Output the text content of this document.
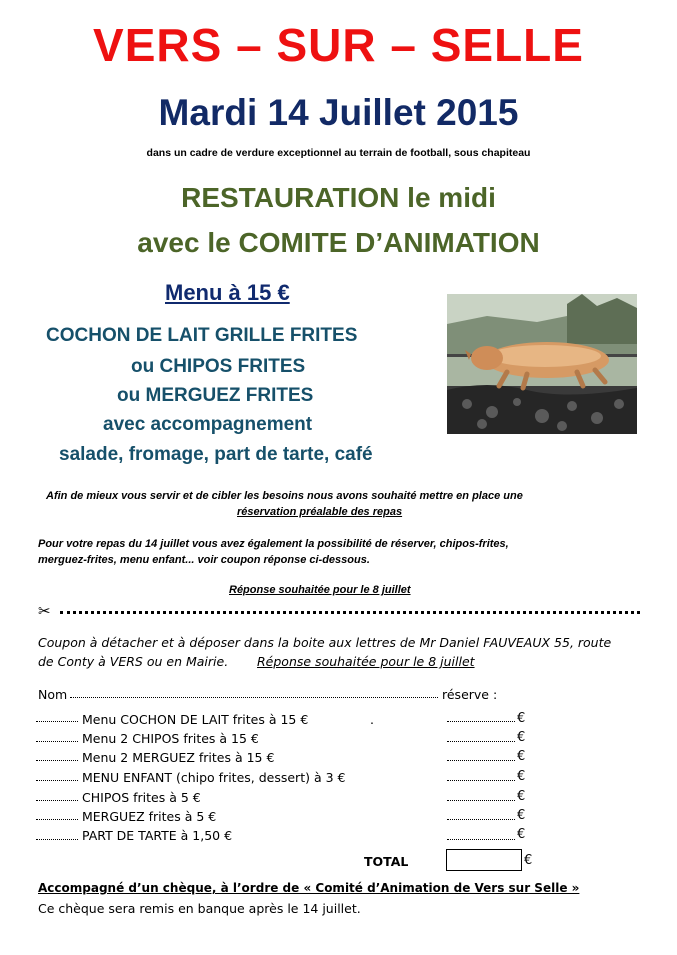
VERS – SUR – SELLE
Mardi 14 Juillet 2015
dans un cadre de verdure exceptionnel au terrain de football, sous chapiteau
RESTAURATION le midi
avec le COMITE D’ANIMATION
Menu à 15 €
COCHON DE LAIT GRILLE FRITES
ou CHIPOS FRITES
ou MERGUEZ FRITES
avec accompagnement
salade, fromage, part de tarte, café
Afin de mieux vous servir et de cibler les besoins nous avons souhaité mettre en place une
réservation préalable des repas
Pour votre repas du 14 juillet vous avez également la possibilité de réserver, chipos-frites,
merguez-frites, menu enfant... voir coupon réponse ci-dessous.
Réponse souhaitée pour le 8 juillet
✂
Coupon à détacher et à déposer dans la boite aux lettres de Mr Daniel FAUVEAUX 55, route
de Conty à VERS ou en Mairie. Réponse souhaitée pour le 8 juillet
Nom	réserve :
Menu COCHON DE LAIT frites à 15 €	.	€
Menu 2 CHIPOS frites à 15 €	€
Menu 2 MERGUEZ frites à 15 €	€
MENU ENFANT (chipo frites, dessert) à 3 €	€
CHIPOS frites à 5 €	€
MERGUEZ frites à 5 €	€
PART DE TARTE à 1,50 €	€
TOTAL	€
Accompagné d’un chèque, à l’ordre de « Comité d’Animation de Vers sur Selle »
Ce chèque sera remis en banque après le 14 juillet.
